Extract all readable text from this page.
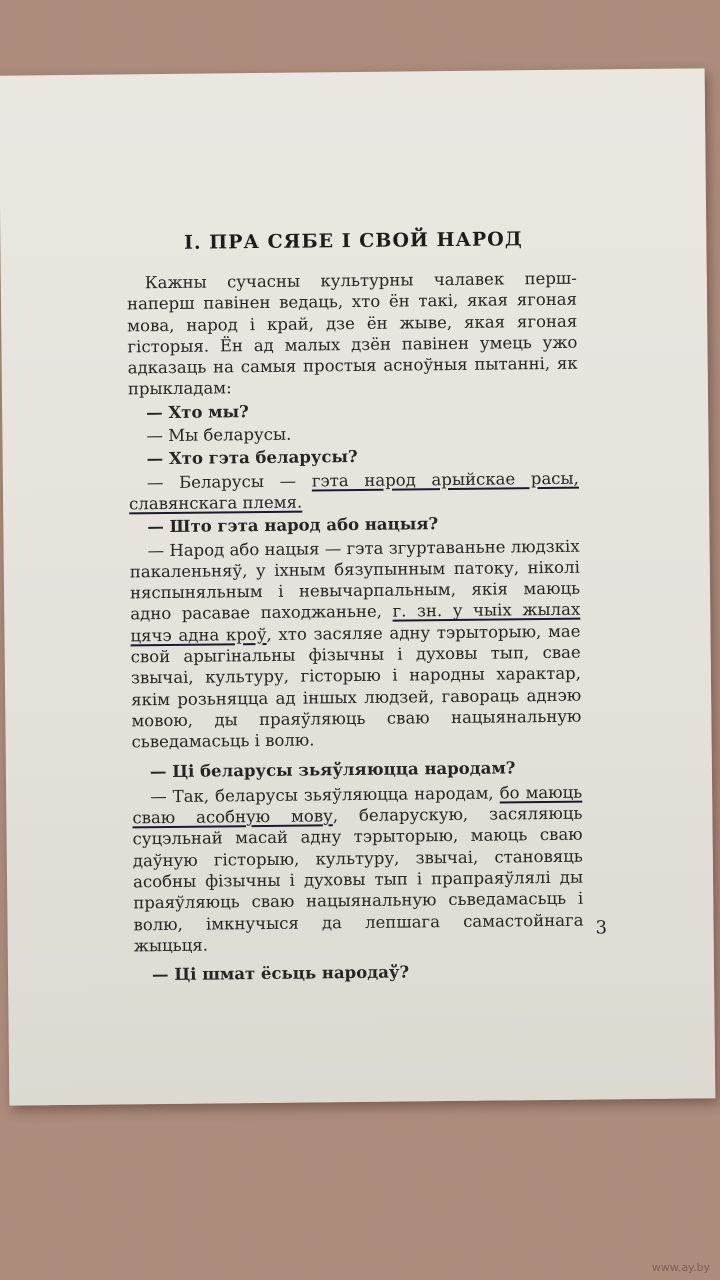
I. ПРА СЯБЕ І СВОЙ НАРОД

Кажны сучасны культурны чалавек перш-наперш павінен ведаць, хто ён такі, якая ягоная мова, народ і край, дзе ён жыве, якая ягоная гісторыя. Ён ад малых дзён павінен умець ужо адказаць на самыя простыя асноўныя пытанні, як прыкладам:

— Хто мы?

— Мы беларусы.

— Хто гэта беларусы?

— Беларусы — гэта народ арыйскае расы, славянскага племя.

— Што гэта народ або нацыя?

— Народ або нацыя — гэта згуртаваньне людзкіх пакаленьняў, у іхным бязупынным патоку, ніколі няспыняльным і невычарпальным, якія маюць адно расавае паходжаньне, г. зн. у чыіх жылах цячэ адна кроў, хто засяляе адну тэрыторыю, мае свой арыгінальны фізычны і духовы тып, свае звычаі, культуру, гісторыю і народны характар, якім розьняцца ад іншых людзей, гавораць аднэю мовою, ды праяўляюць сваю нацыянальную сьведамасьць і волю.

— Ці беларусы зьяўляюцца народам?

— Так, беларусы зьяўляюцца народам, бо маюць сваю асобную мову, беларускую, засяляюць суцэльнай масай адну тэрыторыю, маюць сваю даўную гісторыю, культуру, звычаі, становяць асобны фізычны і духовы тып і прапраяўлялі ды праяўляюць сваю нацыянальную сьведамасьць і волю, імкнучыся да лепшага самастойнага жыцьця.

— Ці шмат ёсьць народаў?

3
www.ay.by
